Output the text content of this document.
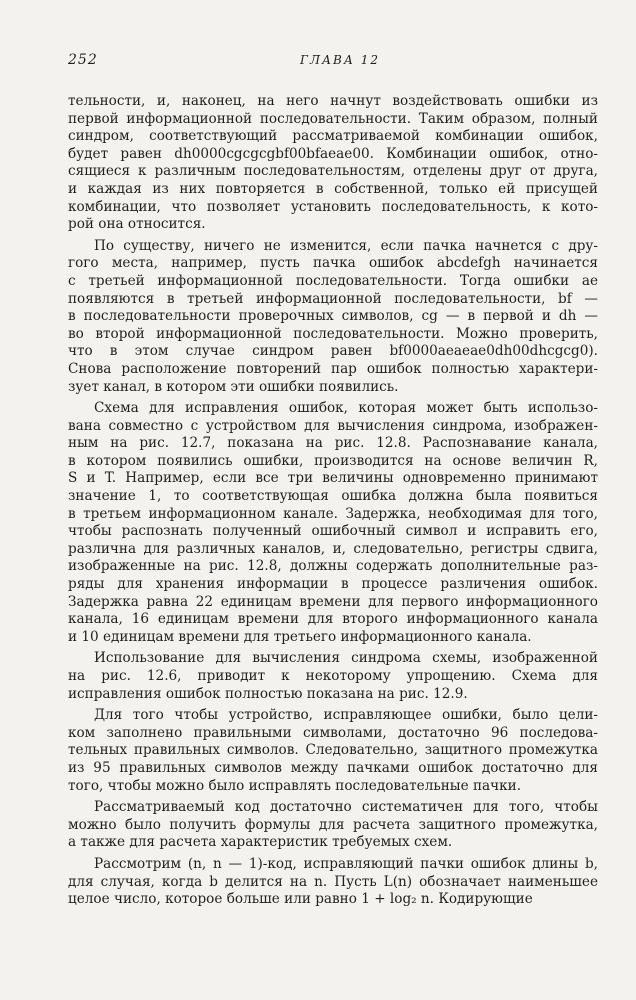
252	ГЛАВА 12
тельности, и, наконец, на него начнут воздействовать ошибки из
первой информационной последовательности. Таким образом, полный
синдром, соответствующий рассматриваемой комбинации ошибок,
будет равен dh0000cgcgcgbf00bfaeae00. Комбинации ошибок, отно-
сящиеся к различным последовательностям, отделены друг от друга,
и каждая из них повторяется в собственной, только ей присущей
комбинации, что позволяет установить последовательность, к кото-
рой она относится.
По существу, ничего не изменится, если пачка начнется с дру-
гого места, например, пусть пачка ошибок abcdefgh начинается
с третьей информационной последовательности. Тогда ошибки ae
появляются в третьей информационной последовательности, bf —
в последовательности проверочных символов, cg — в первой и dh —
во второй информационной последовательности. Можно проверить,
что в этом случае синдром равен bf0000aeaeae0dh00dhcgcg0).
Снова расположение повторений пар ошибок полностью характери-
зует канал, в котором эти ошибки появились.
Схема для исправления ошибок, которая может быть использо-
вана совместно с устройством для вычисления синдрома, изображен-
ным на рис. 12.7, показана на рис. 12.8. Распознавание канала,
в котором появились ошибки, производится на основе величин R,
S и T. Например, если все три величины одновременно принимают
значение 1, то соответствующая ошибка должна была появиться
в третьем информационном канале. Задержка, необходимая для того,
чтобы распознать полученный ошибочный символ и исправить его,
различна для различных каналов, и, следовательно, регистры сдвига,
изображенные на рис. 12.8, должны содержать дополнительные раз-
ряды для хранения информации в процессе различения ошибок.
Задержка равна 22 единицам времени для первого информационного
канала, 16 единицам времени для второго информационного канала
и 10 единицам времени для третьего информационного канала.
Использование для вычисления синдрома схемы, изображенной
на рис. 12.6, приводит к некоторому упрощению. Схема для
исправления ошибок полностью показана на рис. 12.9.
Для того чтобы устройство, исправляющее ошибки, было цели-
ком заполнено правильными символами, достаточно 96 последова-
тельных правильных символов. Следовательно, защитного промежутка
из 95 правильных символов между пачками ошибок достаточно для
того, чтобы можно было исправлять последовательные пачки.
Рассматриваемый код достаточно систематичен для того, чтобы
можно было получить формулы для расчета защитного промежутка,
а также для расчета характеристик требуемых схем.
Рассмотрим (n, n — 1)-код, исправляющий пачки ошибок длины b,
для случая, когда b делится на n. Пусть L(n) обозначает наименьшее
целое число, которое больше или равно 1 + log₂ n. Кодирующие
